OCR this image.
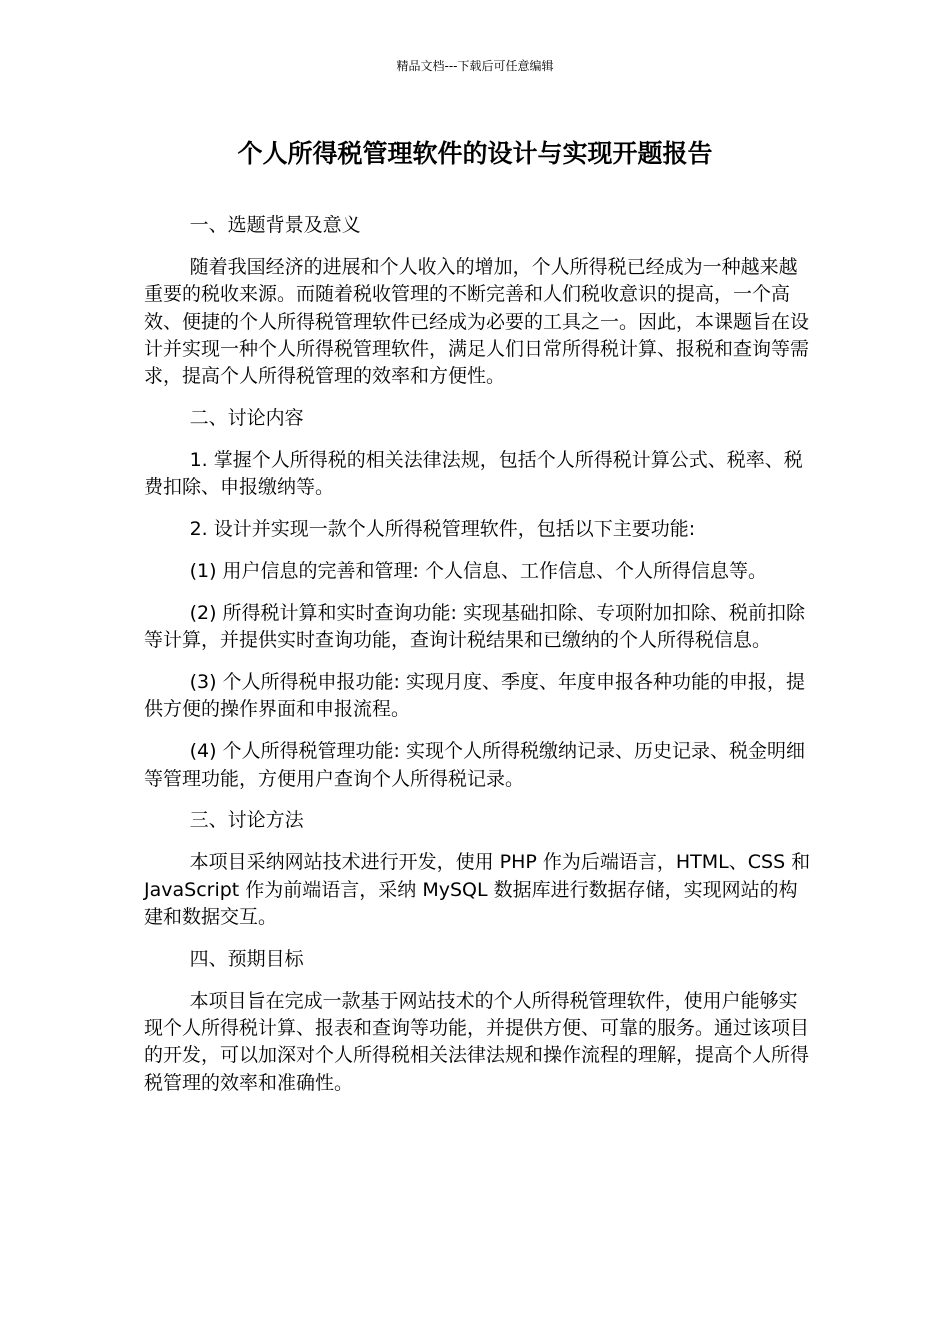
精品文档---下载后可任意编辑
个人所得税管理软件的设计与实现开题报告

一、选题背景及意义

随着我国经济的进展和个人收入的增加，个人所得税已经成为一种越来越重要的税收来源。而随着税收管理的不断完善和人们税收意识的提高，一个高效、便捷的个人所得税管理软件已经成为必要的工具之一。因此，本课题旨在设计并实现一种个人所得税管理软件，满足人们日常所得税计算、报税和查询等需求，提高个人所得税管理的效率和方便性。

二、讨论内容

1. 掌握个人所得税的相关法律法规，包括个人所得税计算公式、税率、税费扣除、申报缴纳等。

2. 设计并实现一款个人所得税管理软件，包括以下主要功能:

(1) 用户信息的完善和管理: 个人信息、工作信息、个人所得信息等。

(2) 所得税计算和实时查询功能: 实现基础扣除、专项附加扣除、税前扣除等计算，并提供实时查询功能，查询计税结果和已缴纳的个人所得税信息。

(3) 个人所得税申报功能: 实现月度、季度、年度申报各种功能的申报，提供方便的操作界面和申报流程。

(4) 个人所得税管理功能: 实现个人所得税缴纳记录、历史记录、税金明细等管理功能，方便用户查询个人所得税记录。

三、讨论方法

本项目采纳网站技术进行开发，使用 PHP 作为后端语言，HTML、CSS 和 JavaScript 作为前端语言，采纳 MySQL 数据库进行数据存储，实现网站的构建和数据交互。

四、预期目标

本项目旨在完成一款基于网站技术的个人所得税管理软件，使用户能够实现个人所得税计算、报表和查询等功能，并提供方便、可靠的服务。通过该项目的开发，可以加深对个人所得税相关法律法规和操作流程的理解，提高个人所得税管理的效率和准确性。
